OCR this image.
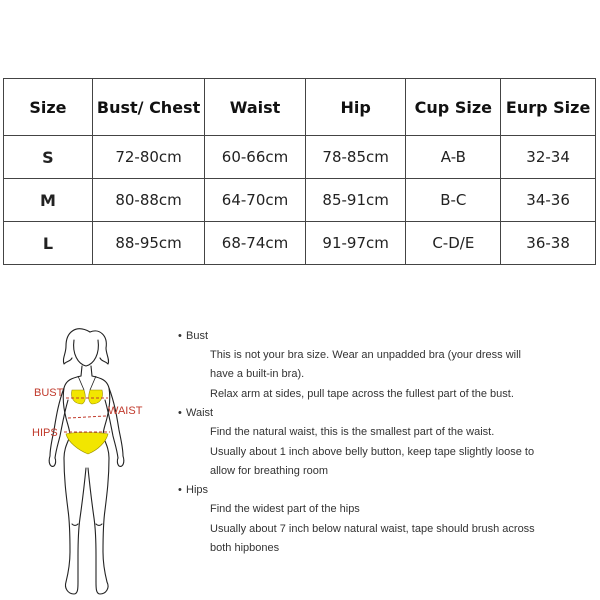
Size	Bust/ Chest	Waist	Hip	Cup Size	Eurp Size
S	72-80cm	60-66cm	78-85cm	A-B	32-34
M	80-88cm	64-70cm	85-91cm	B-C	34-36
L	88-95cm	68-74cm	91-97cm	C-D/E	36-38
BUST
WAIST
HIPS

• Bust

This is not your bra size. Wear an unpadded bra (your dress will

have a built-in bra).

Relax arm at sides, pull tape across the fullest part of the bust.

• Waist

Find the natural waist, this is the smallest part of the waist.

Usually about 1 inch above belly button, keep tape slightly loose to

allow for breathing room

• Hips

Find the widest part of the hips

Usually about 7 inch below natural waist, tape should brush across

both hipbones
